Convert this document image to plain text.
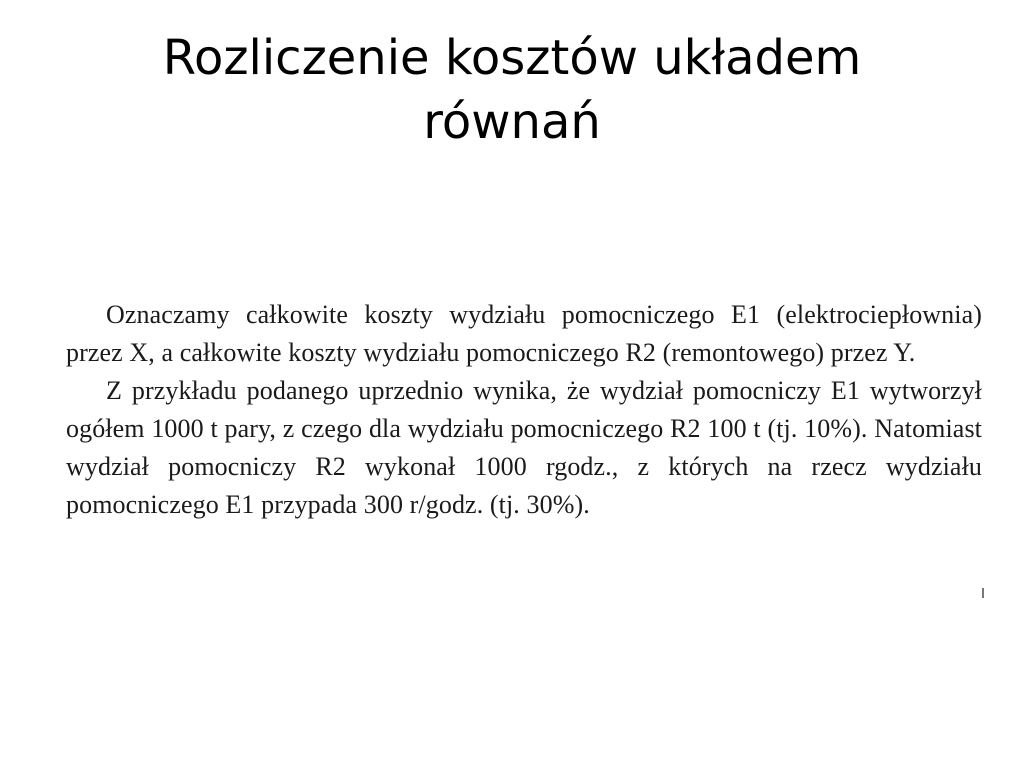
Rozliczenie kosztów układem
równań

Oznaczamy całkowite koszty wydziału pomocniczego E1 (elektrociepłownia) przez X, a całkowite koszty wydziału pomocniczego R2 (remontowego) przez Y.

Z przykładu podanego uprzednio wynika, że wydział pomocniczy E1 wytworzył ogółem 1000 t pary, z czego dla wydziału pomocniczego R2 100 t (tj. 10%). Natomiast wydział pomocniczy R2 wykonał 1000 rgodz., z których na rzecz wydziału pomocniczego E1 przypada 300 r/godz. (tj. 30%).
